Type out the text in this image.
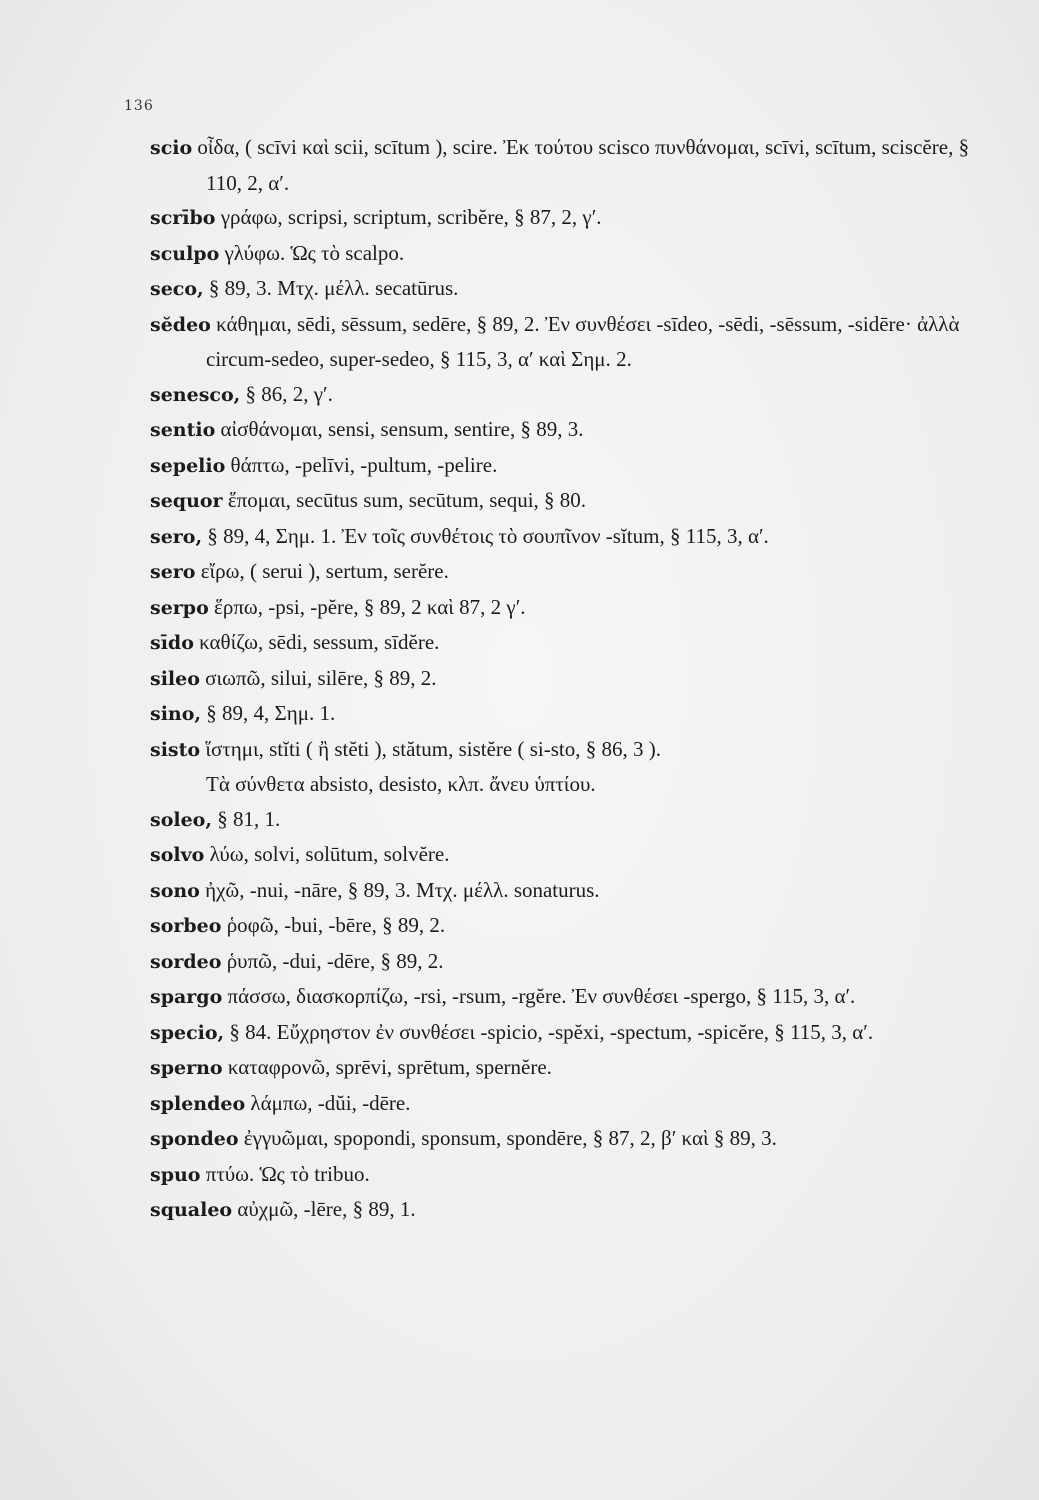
136

scio οἶδα, ( scīvi καὶ scii, scītum ), scire. Ἐκ τούτου scisco πυνθάνομαι, scīvi, scītum, sciscĕre, § 110, 2, α′.

scrībo γράφω, scripsi, scriptum, scribĕre, § 87, 2, γ′.

sculpo γλύφω. Ὡς τὸ scalpo.

seco, § 89, 3. Μτχ. μέλλ. secatūrus.

sĕdeo κάθημαι, sēdi, sēssum, sedēre, § 89, 2. Ἐν συνθέσει -sīdeo, -sēdi, -sēssum, -sidēre· ἀλλὰ circum-sedeo, super-sedeo, § 115, 3, α′ καὶ Σημ. 2.

senesco, § 86, 2, γ′.

sentio αἰσθάνομαι, sensi, sensum, sentire, § 89, 3.

sepelio θάπτω, -pelīvi, -pultum, -pelire.

sequor ἕπομαι, secūtus sum, secūtum, sequi, § 80.

sero, § 89, 4, Σημ. 1. Ἐν τοῖς συνθέτοις τὸ σουπῖνον -sĭtum, § 115, 3, α′.

sero εἴρω, ( serui ), sertum, serĕre.

serpo ἕρπω, -psi, -pĕre, § 89, 2 καὶ 87, 2 γ′.

sīdo καθίζω, sēdi, sessum, sīdĕre.

sileo σιωπῶ, silui, silēre, § 89, 2.

sino, § 89, 4, Σημ. 1.

sisto ἵστημι, stĭti ( ἢ stĕti ), stătum, sistĕre ( si-sto, § 86, 3 ).

Τὰ σύνθετα absisto, desisto, κλπ. ἄνευ ὑπτίου.

soleo, § 81, 1.

solvo λύω, solvi, solūtum, solvĕre.

sono ἠχῶ, -nui, -nāre, § 89, 3. Μτχ. μέλλ. sonaturus.

sorbeo ῥοφῶ, -bui, -bēre, § 89, 2.

sordeo ῥυπῶ, -dui, -dēre, § 89, 2.

spargo πάσσω, διασκορπίζω, -rsi, -rsum, -rgĕre. Ἐν συνθέσει -spergo, § 115, 3, α′.

specio, § 84. Εὔχρηστον ἐν συνθέσει -spicio, -spĕxi, -spectum, -spicĕre, § 115, 3, α′.

sperno καταφρονῶ, sprēvi, sprētum, spernĕre.

splendeo λάμπω, -dŭi, -dēre.

spondeo ἐγγυῶμαι, spopondi, sponsum, spondēre, § 87, 2, β′ καὶ § 89, 3.

spuo πτύω. Ὡς τὸ tribuo.

squaleo αὐχμῶ, -lēre, § 89, 1.
